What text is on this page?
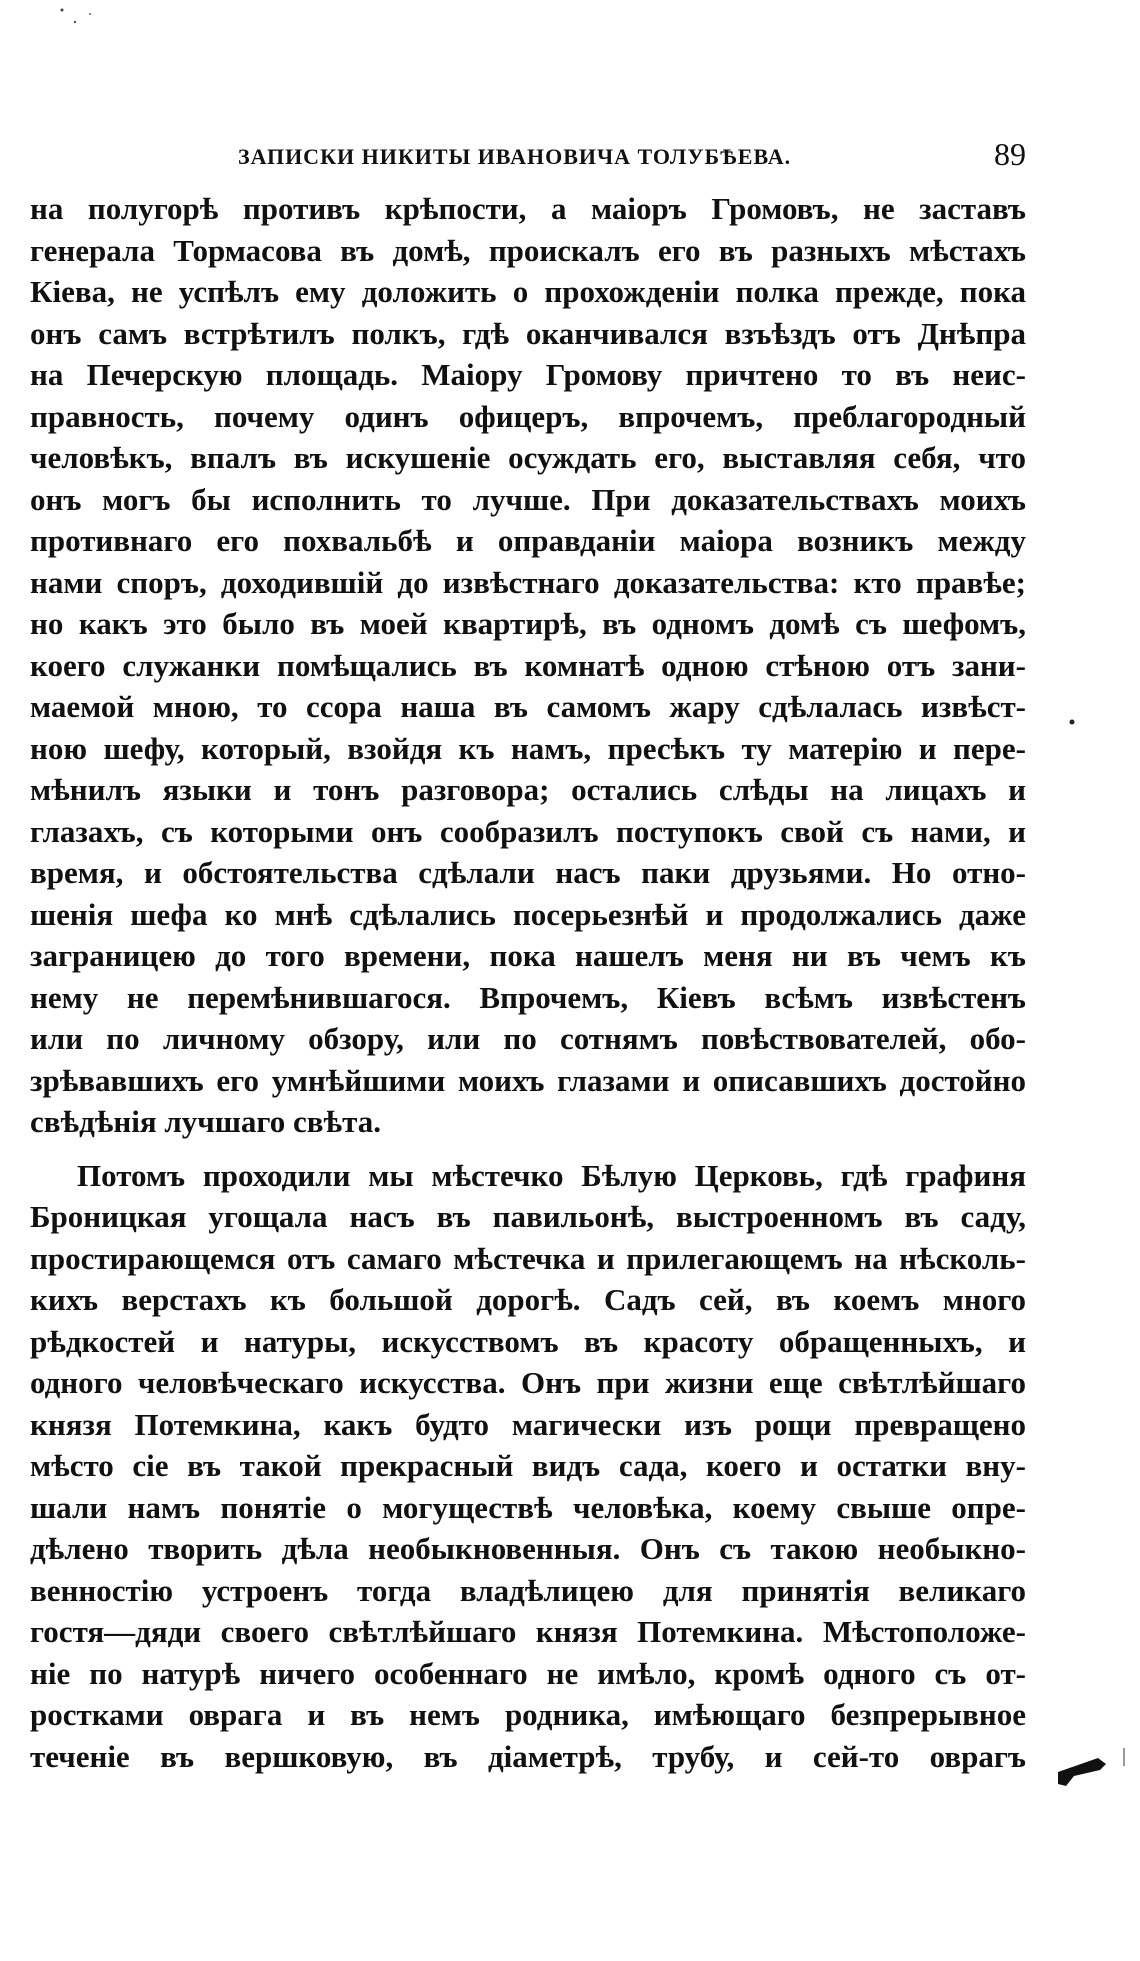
ЗАПИСКИ НИКИТЫ ИВАНОВИЧА ТОЛУБѢЕВА.	89
на полугорѣ противъ крѣпости, а маіоръ Громовъ, не заставъ
генерала Тормасова въ домѣ, проискалъ его въ разныхъ мѣстахъ
Кіева, не успѣлъ ему доложить о прохожденіи полка прежде, пока
онъ самъ встрѣтилъ полкъ, гдѣ оканчивался взъѣздъ отъ Днѣпра
на Печерскую площадь. Маіору Громову причтено то въ неис-
правность, почему одинъ офицеръ, впрочемъ, преблагородный
человѣкъ, впалъ въ искушеніе осуждать его, выставляя себя, что
онъ могъ бы исполнить то лучше. При доказательствахъ моихъ
противнаго его похвальбѣ и оправданіи маіора возникъ между
нами споръ, доходившій до извѣстнаго доказательства: кто правѣе;
но какъ это было въ моей квартирѣ, въ одномъ домѣ съ шефомъ,
коего служанки помѣщались въ комнатѣ одною стѣною отъ зани-
маемой мною, то ссора наша въ самомъ жару сдѣлалась извѣст-
ною шефу, который, взойдя къ намъ, пресѣкъ ту матерію и пере-
мѣнилъ языки и тонъ разговора; остались слѣды на лицахъ и
глазахъ, съ которыми онъ сообразилъ поступокъ свой съ нами, и
время, и обстоятельства сдѣлали насъ паки друзьями. Но отно-
шенія шефа ко мнѣ сдѣлались посерьезнѣй и продолжались даже
заграницею до того времени, пока нашелъ меня ни въ чемъ къ
нему не перемѣнившагося. Впрочемъ, Кіевъ всѣмъ извѣстенъ
или по личному обзору, или по сотнямъ повѣствователей, обо-
зрѣвавшихъ его умнѣйшими моихъ глазами и описавшихъ достойно
свѣдѣнія лучшаго свѣта.
Потомъ проходили мы мѣстечко Бѣлую Церковь, гдѣ графиня
Броницкая угощала насъ въ павильонѣ, выстроенномъ въ саду,
простирающемся отъ самаго мѣстечка и прилегающемъ на нѣсколь-
кихъ верстахъ къ большой дорогѣ. Садъ сей, въ коемъ много
рѣдкостей и натуры, искусствомъ въ красоту обращенныхъ, и
одного человѣческаго искусства. Онъ при жизни еще свѣтлѣйшаго
князя Потемкина, какъ будто магически изъ рощи превращено
мѣсто сіе въ такой прекрасный видъ сада, коего и остатки вну-
шали намъ понятіе о могуществѣ человѣка, коему свыше опре-
дѣлено творить дѣла необыкновенныя. Онъ съ такою необыкно-
венностію устроенъ тогда владѣлицею для принятія великаго
гостя—дяди своего свѣтлѣйшаго князя Потемкина. Мѣстоположе-
ніе по натурѣ ничего особеннаго не имѣло, кромѣ одного съ от-
ростками оврага и въ немъ родника, имѣющаго безпрерывное
теченіе въ вершковую, въ діаметрѣ, трубу, и сей-то оврагъ
